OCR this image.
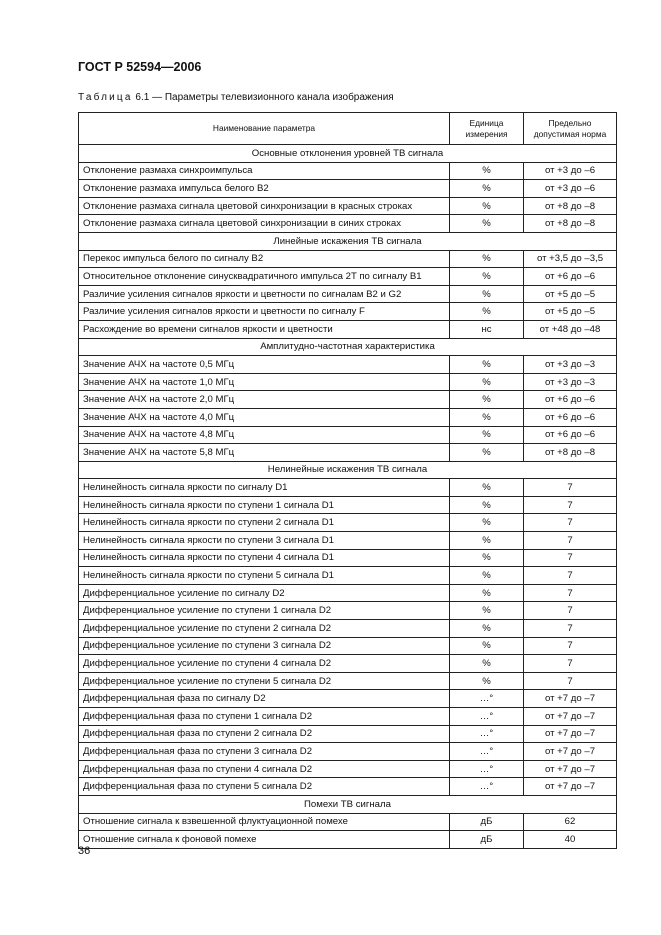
ГОСТ Р 52594—2006
Таблица 6.1 — Параметры телевизионного канала изображения
Наименование параметра	Единица измерения	Предельно допустимая норма
Основные отклонения уровней ТВ сигнала		
Отклонение размаха синхроимпульса	%	от +3 до –6
Отклонение размаха импульса белого В2	%	от +3 до –6
Отклонение размаха сигнала цветовой синхронизации в красных строках	%	от +8 до –8
Отклонение размаха сигнала цветовой синхронизации в синих строках	%	от +8 до –8
Линейные искажения ТВ сигнала		
Перекос импульса белого по сигналу В2	%	от +3,5 до –3,5
Относительное отклонение синусквадратичного импульса 2T по сигналу В1	%	от +6 до –6
Различие усиления сигналов яркости и цветности по сигналам В2 и G2	%	от +5 до –5
Различие усиления сигналов яркости и цветности по сигналу F	%	от +5 до –5
Расхождение во времени сигналов яркости и цветности	нс	от +48 до –48
Амплитудно-частотная характеристика		
Значение АЧХ на частоте 0,5 МГц	%	от +3 до –3
Значение АЧХ на частоте 1,0 МГц	%	от +3 до –3
Значение АЧХ на частоте 2,0 МГц	%	от +6 до –6
Значение АЧХ на частоте 4,0 МГц	%	от +6 до –6
Значение АЧХ на частоте 4,8 МГц	%	от +6 до –6
Значение АЧХ на частоте 5,8 МГц	%	от +8 до –8
Нелинейные искажения ТВ сигнала		
Нелинейность сигнала яркости по сигналу D1	%	7
Нелинейность сигнала яркости по ступени 1 сигнала D1	%	7
Нелинейность сигнала яркости по ступени 2 сигнала D1	%	7
Нелинейность сигнала яркости по ступени 3 сигнала D1	%	7
Нелинейность сигнала яркости по ступени 4 сигнала D1	%	7
Нелинейность сигнала яркости по ступени 5 сигнала D1	%	7
Дифференциальное усиление по сигналу D2	%	7
Дифференциальное усиление по ступени 1 сигнала D2	%	7
Дифференциальное усиление по ступени 2 сигнала D2	%	7
Дифференциальное усиление по ступени 3 сигнала D2	%	7
Дифференциальное усиление по ступени 4 сигнала D2	%	7
Дифференциальное усиление по ступени 5 сигнала D2	%	7
Дифференциальная фаза по сигналу D2	…°	от +7 до –7
Дифференциальная фаза по ступени 1 сигнала D2	…°	от +7 до –7
Дифференциальная фаза по ступени 2 сигнала D2	…°	от +7 до –7
Дифференциальная фаза по ступени 3 сигнала D2	…°	от +7 до –7
Дифференциальная фаза по ступени 4 сигнала D2	…°	от +7 до –7
Дифференциальная фаза по ступени 5 сигнала D2	…°	от +7 до –7
Помехи ТВ сигнала		
Отношение сигнала к взвешенной флуктуационной помехе	дБ	62
Отношение сигнала к фоновой помехе	дБ	40
36
